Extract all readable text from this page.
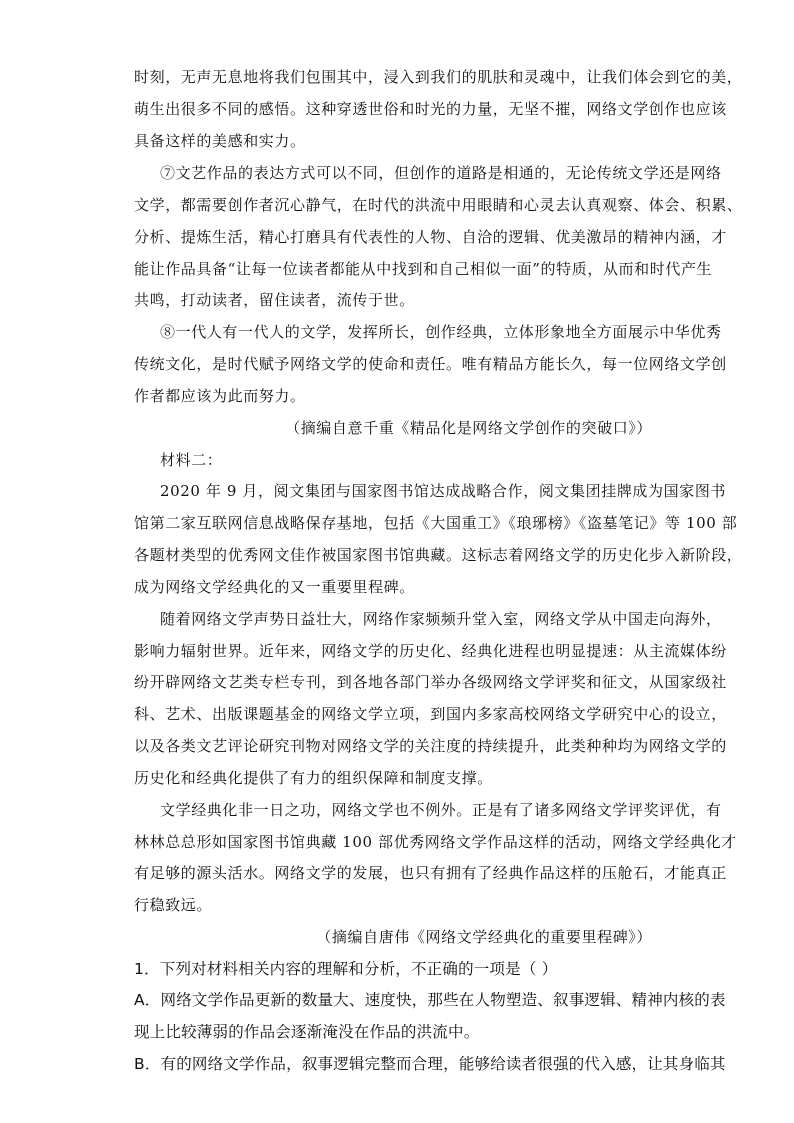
时刻，无声无息地将我们包围其中，浸入到我们的肌肤和灵魂中，让我们体会到它的美，
萌生出很多不同的感悟。这种穿透世俗和时光的力量，无坚不摧，网络文学创作也应该
具备这样的美感和实力。
⑦文艺作品的表达方式可以不同，但创作的道路是相通的，无论传统文学还是网络
文学，都需要创作者沉心静气，在时代的洪流中用眼睛和心灵去认真观察、体会、积累、
分析、提炼生活，精心打磨具有代表性的人物、自洽的逻辑、优美激昂的精神内涵，才
能让作品具备“让每一位读者都能从中找到和自己相似一面”的特质，从而和时代产生
共鸣，打动读者，留住读者，流传于世。
⑧一代人有一代人的文学，发挥所长，创作经典，立体形象地全方面展示中华优秀
传统文化，是时代赋予网络文学的使命和责任。唯有精品方能长久，每一位网络文学创
作者都应该为此而努力。
（摘编自意千重《精品化是网络文学创作的突破口》）
材料二：
2020 年 9 月，阅文集团与国家图书馆达成战略合作，阅文集团挂牌成为国家图书
馆第二家互联网信息战略保存基地，包括《大国重工》《琅琊榜》《盗墓笔记》等 100 部
各题材类型的优秀网文佳作被国家图书馆典藏。这标志着网络文学的历史化步入新阶段，
成为网络文学经典化的又一重要里程碑。
随着网络文学声势日益壮大，网络作家频频升堂入室，网络文学从中国走向海外，
影响力辐射世界。近年来，网络文学的历史化、经典化进程也明显提速：从主流媒体纷
纷开辟网络文艺类专栏专刊，到各地各部门举办各级网络文学评奖和征文，从国家级社
科、艺术、出版课题基金的网络文学立项，到国内多家高校网络文学研究中心的设立，
以及各类文艺评论研究刊物对网络文学的关注度的持续提升，此类种种均为网络文学的
历史化和经典化提供了有力的组织保障和制度支撑。
文学经典化非一日之功，网络文学也不例外。正是有了诸多网络文学评奖评优，有
林林总总形如国家图书馆典藏 100 部优秀网络文学作品这样的活动，网络文学经典化才
有足够的源头活水。网络文学的发展，也只有拥有了经典作品这样的压舱石，才能真正
行稳致远。
（摘编自唐伟《网络文学经典化的重要里程碑》）
1．下列对材料相关内容的理解和分析，不正确的一项是（ ）
A．网络文学作品更新的数量大、速度快，那些在人物塑造、叙事逻辑、精神内核的表
现上比较薄弱的作品会逐渐淹没在作品的洪流中。
B．有的网络文学作品，叙事逻辑完整而合理，能够给读者很强的代入感，让其身临其
